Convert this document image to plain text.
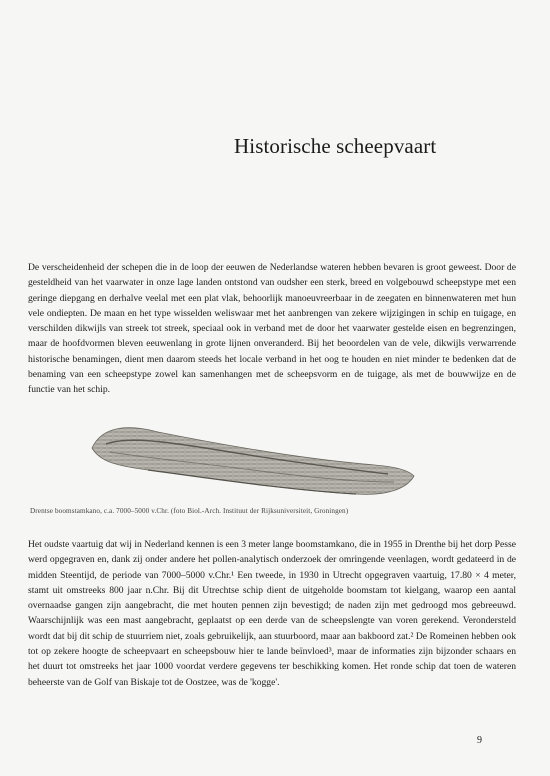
Historische scheepvaart

De verscheidenheid der schepen die in de loop der eeuwen de Nederlandse wateren hebben bevaren is groot geweest. Door de gesteldheid van het vaarwater in onze lage landen ontstond van oudsher een sterk, breed en volgebouwd scheepstype met een geringe diepgang en derhalve veelal met een plat vlak, behoorlijk manoeuvreerbaar in de zeegaten en binnenwateren met hun vele ondiepten. De maan en het type wisselden weliswaar met het aanbrengen van zekere wijzigingen in schip en tuigage, en verschilden dikwijls van streek tot streek, speciaal ook in verband met de door het vaarwater gestelde eisen en begrenzingen, maar de hoofdvormen bleven eeuwenlang in grote lijnen onveranderd. Bij het beoordelen van de vele, dikwijls verwarrende historische benamingen, dient men daarom steeds het locale verband in het oog te houden en niet minder te bedenken dat de benaming van een scheepstype zowel kan samenhangen met de scheepsvorm en de tuigage, als met de bouwwijze en de functie van het schip.

Drentse boomstamkano, c.a. 7000–5000 v.Chr. (foto Biol.-Arch. Instituut der Rijksuniversiteit, Groningen)

Het oudste vaartuig dat wij in Nederland kennen is een 3 meter lange boomstamkano, die in 1955 in Drenthe bij het dorp Pesse werd opgegraven en, dank zij onder andere het pollen-analytisch onderzoek der omringende veenlagen, wordt gedateerd in de midden Steentijd, de periode van 7000–5000 v.Chr.¹ Een tweede, in 1930 in Utrecht opgegraven vaartuig, 17.80 × 4 meter, stamt uit omstreeks 800 jaar n.Chr. Bij dit Utrechtse schip dient de uitgeholde boomstam tot kielgang, waarop een aantal overnaadse gangen zijn aangebracht, die met houten pennen zijn bevestigd; de naden zijn met gedroogd mos gebreeuwd. Waarschijnlijk was een mast aangebracht, geplaatst op een derde van de scheepslengte van voren gerekend. Verondersteld wordt dat bij dit schip de stuurriem niet, zoals gebruikelijk, aan stuurboord, maar aan bakboord zat.² De Romeinen hebben ook tot op zekere hoogte de scheepvaart en scheepsbouw hier te lande beïnvloed³, maar de informaties zijn bijzonder schaars en het duurt tot omstreeks het jaar 1000 voordat verdere gegevens ter beschikking komen. Het ronde schip dat toen de wateren beheerste van de Golf van Biskaje tot de Oostzee, was de 'kogge'.

9
